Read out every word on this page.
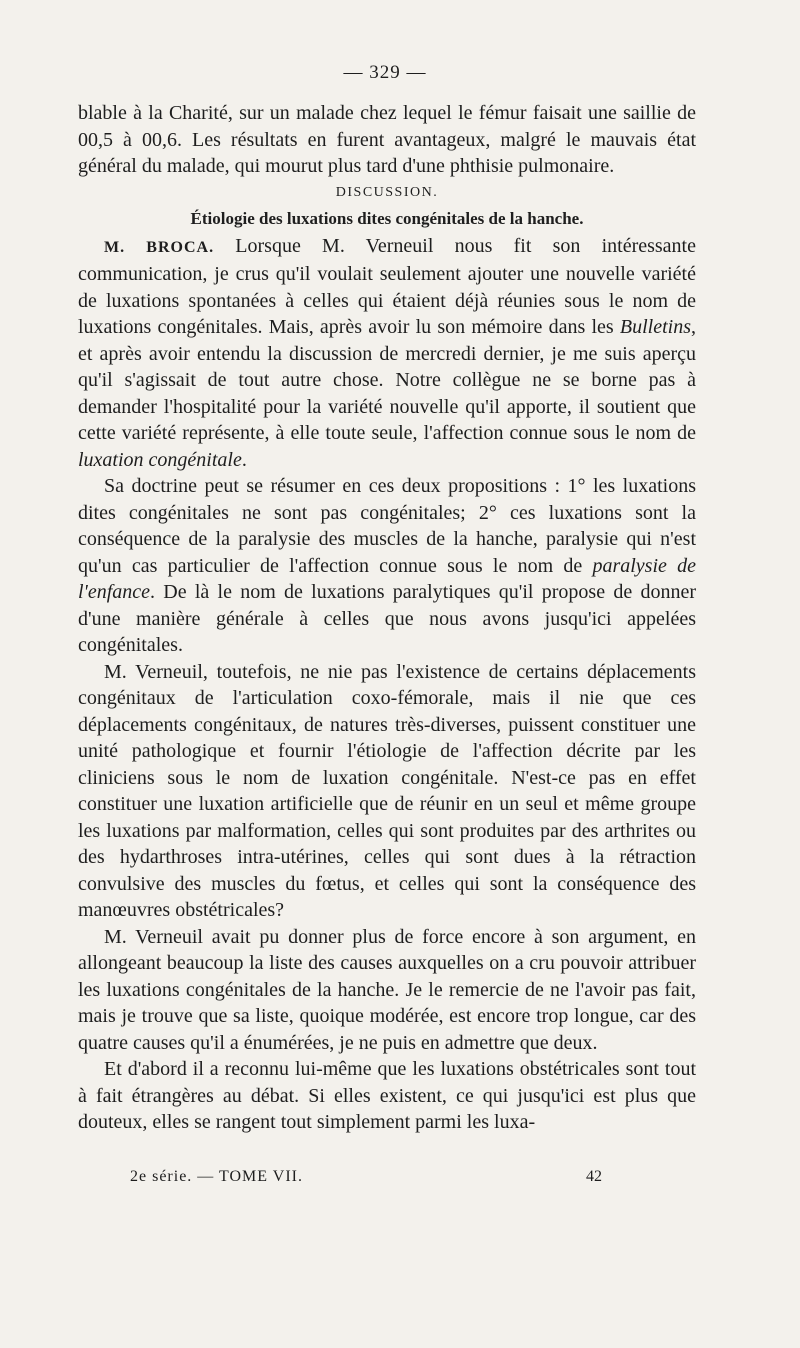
— 329 —

blable à la Charité, sur un malade chez lequel le fémur faisait une saillie de 00,5 à 00,6. Les résultats en furent avantageux, malgré le mauvais état général du malade, qui mourut plus tard d'une phthisie pulmonaire.

DISCUSSION.

Étiologie des luxations dites congénitales de la hanche.

M. BROCA. Lorsque M. Verneuil nous fit son intéressante communication, je crus qu'il voulait seulement ajouter une nouvelle variété de luxations spontanées à celles qui étaient déjà réunies sous le nom de luxations congénitales. Mais, après avoir lu son mémoire dans les Bulletins, et après avoir entendu la discussion de mercredi dernier, je me suis aperçu qu'il s'agissait de tout autre chose. Notre collègue ne se borne pas à demander l'hospitalité pour la variété nouvelle qu'il apporte, il soutient que cette variété représente, à elle toute seule, l'affection connue sous le nom de luxation congénitale.

Sa doctrine peut se résumer en ces deux propositions : 1° les luxations dites congénitales ne sont pas congénitales; 2° ces luxations sont la conséquence de la paralysie des muscles de la hanche, paralysie qui n'est qu'un cas particulier de l'affection connue sous le nom de paralysie de l'enfance. De là le nom de luxations paralytiques qu'il propose de donner d'une manière générale à celles que nous avons jusqu'ici appelées congénitales.

M. Verneuil, toutefois, ne nie pas l'existence de certains déplacements congénitaux de l'articulation coxo-fémorale, mais il nie que ces déplacements congénitaux, de natures très-diverses, puissent constituer une unité pathologique et fournir l'étiologie de l'affection décrite par les cliniciens sous le nom de luxation congénitale. N'est-ce pas en effet constituer une luxation artificielle que de réunir en un seul et même groupe les luxations par malformation, celles qui sont produites par des arthrites ou des hydarthroses intra-utérines, celles qui sont dues à la rétraction convulsive des muscles du fœtus, et celles qui sont la conséquence des manœuvres obstétricales?

M. Verneuil avait pu donner plus de force encore à son argument, en allongeant beaucoup la liste des causes auxquelles on a cru pouvoir attribuer les luxations congénitales de la hanche. Je le remercie de ne l'avoir pas fait, mais je trouve que sa liste, quoique modérée, est encore trop longue, car des quatre causes qu'il a énumérées, je ne puis en admettre que deux.

Et d'abord il a reconnu lui-même que les luxations obstétricales sont tout à fait étrangères au débat. Si elles existent, ce qui jusqu'ici est plus que douteux, elles se rangent tout simplement parmi les luxa-

2e série. — TOME VII.	42
